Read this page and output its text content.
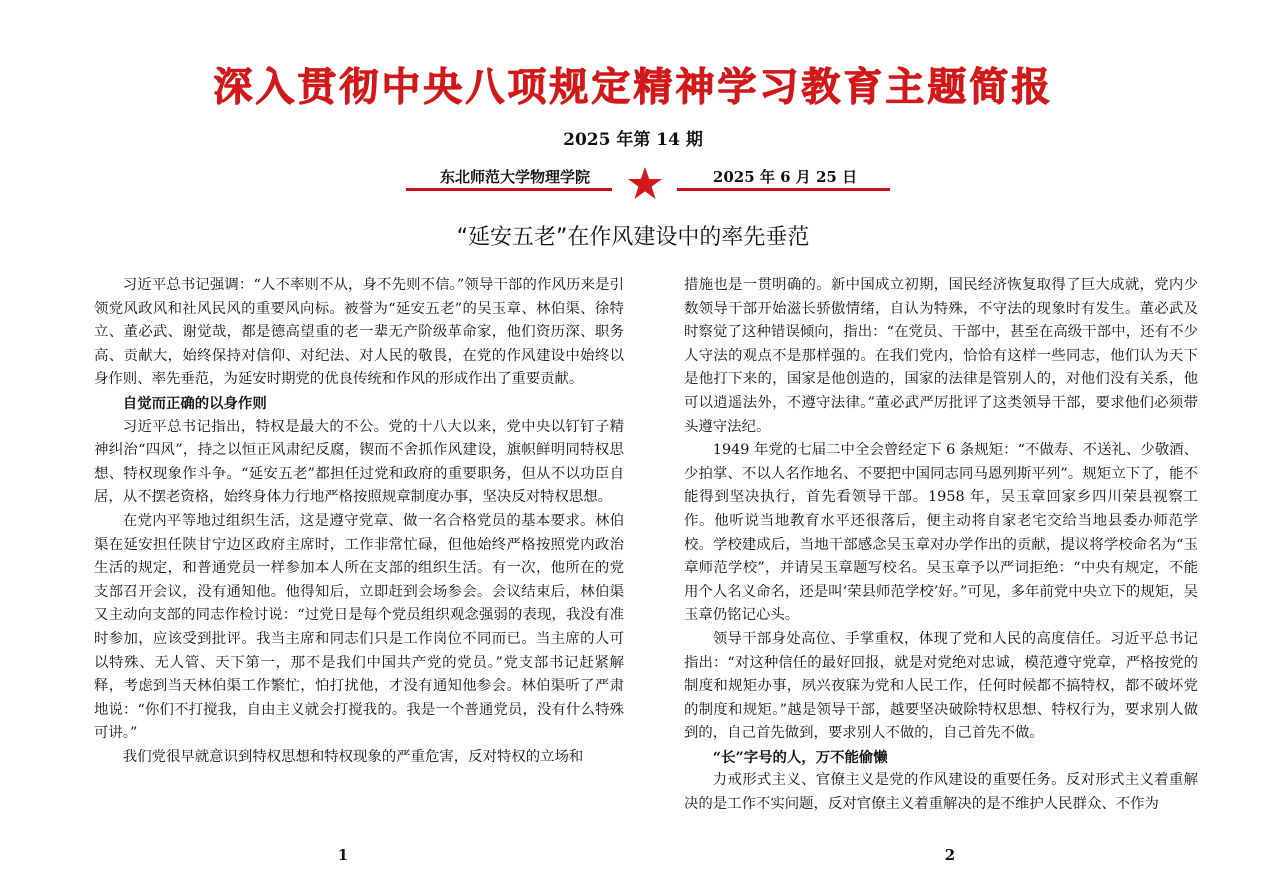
深入贯彻中央八项规定精神学习教育主题简报
2025 年第 14 期
东北师范大学物理学院	2025 年 6 月 25 日
“延安五老”在作风建设中的率先垂范

习近平总书记强调：“人不率则不从，身不先则不信。”领导干部的作风历来是引领党风政风和社风民风的重要风向标。被誉为“延安五老”的吴玉章、林伯渠、徐特立、董必武、谢觉哉，都是德高望重的老一辈无产阶级革命家，他们资历深、职务高、贡献大，始终保持对信仰、对纪法、对人民的敬畏，在党的作风建设中始终以身作则、率先垂范，为延安时期党的优良传统和作风的形成作出了重要贡献。

自觉而正确的以身作则

习近平总书记指出，特权是最大的不公。党的十八大以来，党中央以钉钉子精神纠治“四风”，持之以恒正风肃纪反腐，锲而不舍抓作风建设，旗帜鲜明同特权思想、特权现象作斗争。“延安五老”都担任过党和政府的重要职务，但从不以功臣自居，从不摆老资格，始终身体力行地严格按照规章制度办事，坚决反对特权思想。

在党内平等地过组织生活，这是遵守党章、做一名合格党员的基本要求。林伯渠在延安担任陕甘宁边区政府主席时，工作非常忙碌，但他始终严格按照党内政治生活的规定，和普通党员一样参加本人所在支部的组织生活。有一次，他所在的党支部召开会议，没有通知他。他得知后，立即赶到会场参会。会议结束后，林伯渠又主动向支部的同志作检讨说：“过党日是每个党员组织观念强弱的表现，我没有准时参加，应该受到批评。我当主席和同志们只是工作岗位不同而已。当主席的人可以特殊、无人管、天下第一，那不是我们中国共产党的党员。”党支部书记赶紧解释，考虑到当天林伯渠工作繁忙，怕打扰他，才没有通知他参会。林伯渠听了严肃地说：“你们不打搅我，自由主义就会打搅我的。我是一个普通党员，没有什么特殊可讲。”

我们党很早就意识到特权思想和特权现象的严重危害，反对特权的立场和

措施也是一贯明确的。新中国成立初期，国民经济恢复取得了巨大成就，党内少数领导干部开始滋长骄傲情绪，自认为特殊，不守法的现象时有发生。董必武及时察觉了这种错误倾向，指出：“在党员、干部中，甚至在高级干部中，还有不少人守法的观点不是那样强的。在我们党内，恰恰有这样一些同志，他们认为天下是他打下来的，国家是他创造的，国家的法律是管别人的，对他们没有关系，他可以逍遥法外，不遵守法律。”董必武严厉批评了这类领导干部，要求他们必须带头遵守法纪。

1949 年党的七届二中全会曾经定下 6 条规矩：“不做寿、不送礼、少敬酒、少拍掌、不以人名作地名、不要把中国同志同马恩列斯平列”。规矩立下了，能不能得到坚决执行，首先看领导干部。1958 年，吴玉章回家乡四川荣县视察工作。他听说当地教育水平还很落后，便主动将自家老宅交给当地县委办师范学校。学校建成后，当地干部感念吴玉章对办学作出的贡献，提议将学校命名为“玉章师范学校”，并请吴玉章题写校名。吴玉章予以严词拒绝：“中央有规定，不能用个人名义命名，还是叫‘荣县师范学校’好。”可见，多年前党中央立下的规矩，吴玉章仍铭记心头。

领导干部身处高位、手掌重权，体现了党和人民的高度信任。习近平总书记指出：“对这种信任的最好回报，就是对党绝对忠诚，模范遵守党章，严格按党的制度和规矩办事，夙兴夜寐为党和人民工作，任何时候都不搞特权，都不破坏党的制度和规矩。”越是领导干部，越要坚决破除特权思想、特权行为，要求别人做到的，自己首先做到，要求别人不做的，自己首先不做。

“长”字号的人，万不能偷懒

力戒形式主义、官僚主义是党的作风建设的重要任务。反对形式主义着重解决的是工作不实问题，反对官僚主义着重解决的是不维护人民群众、不作为

1	2
